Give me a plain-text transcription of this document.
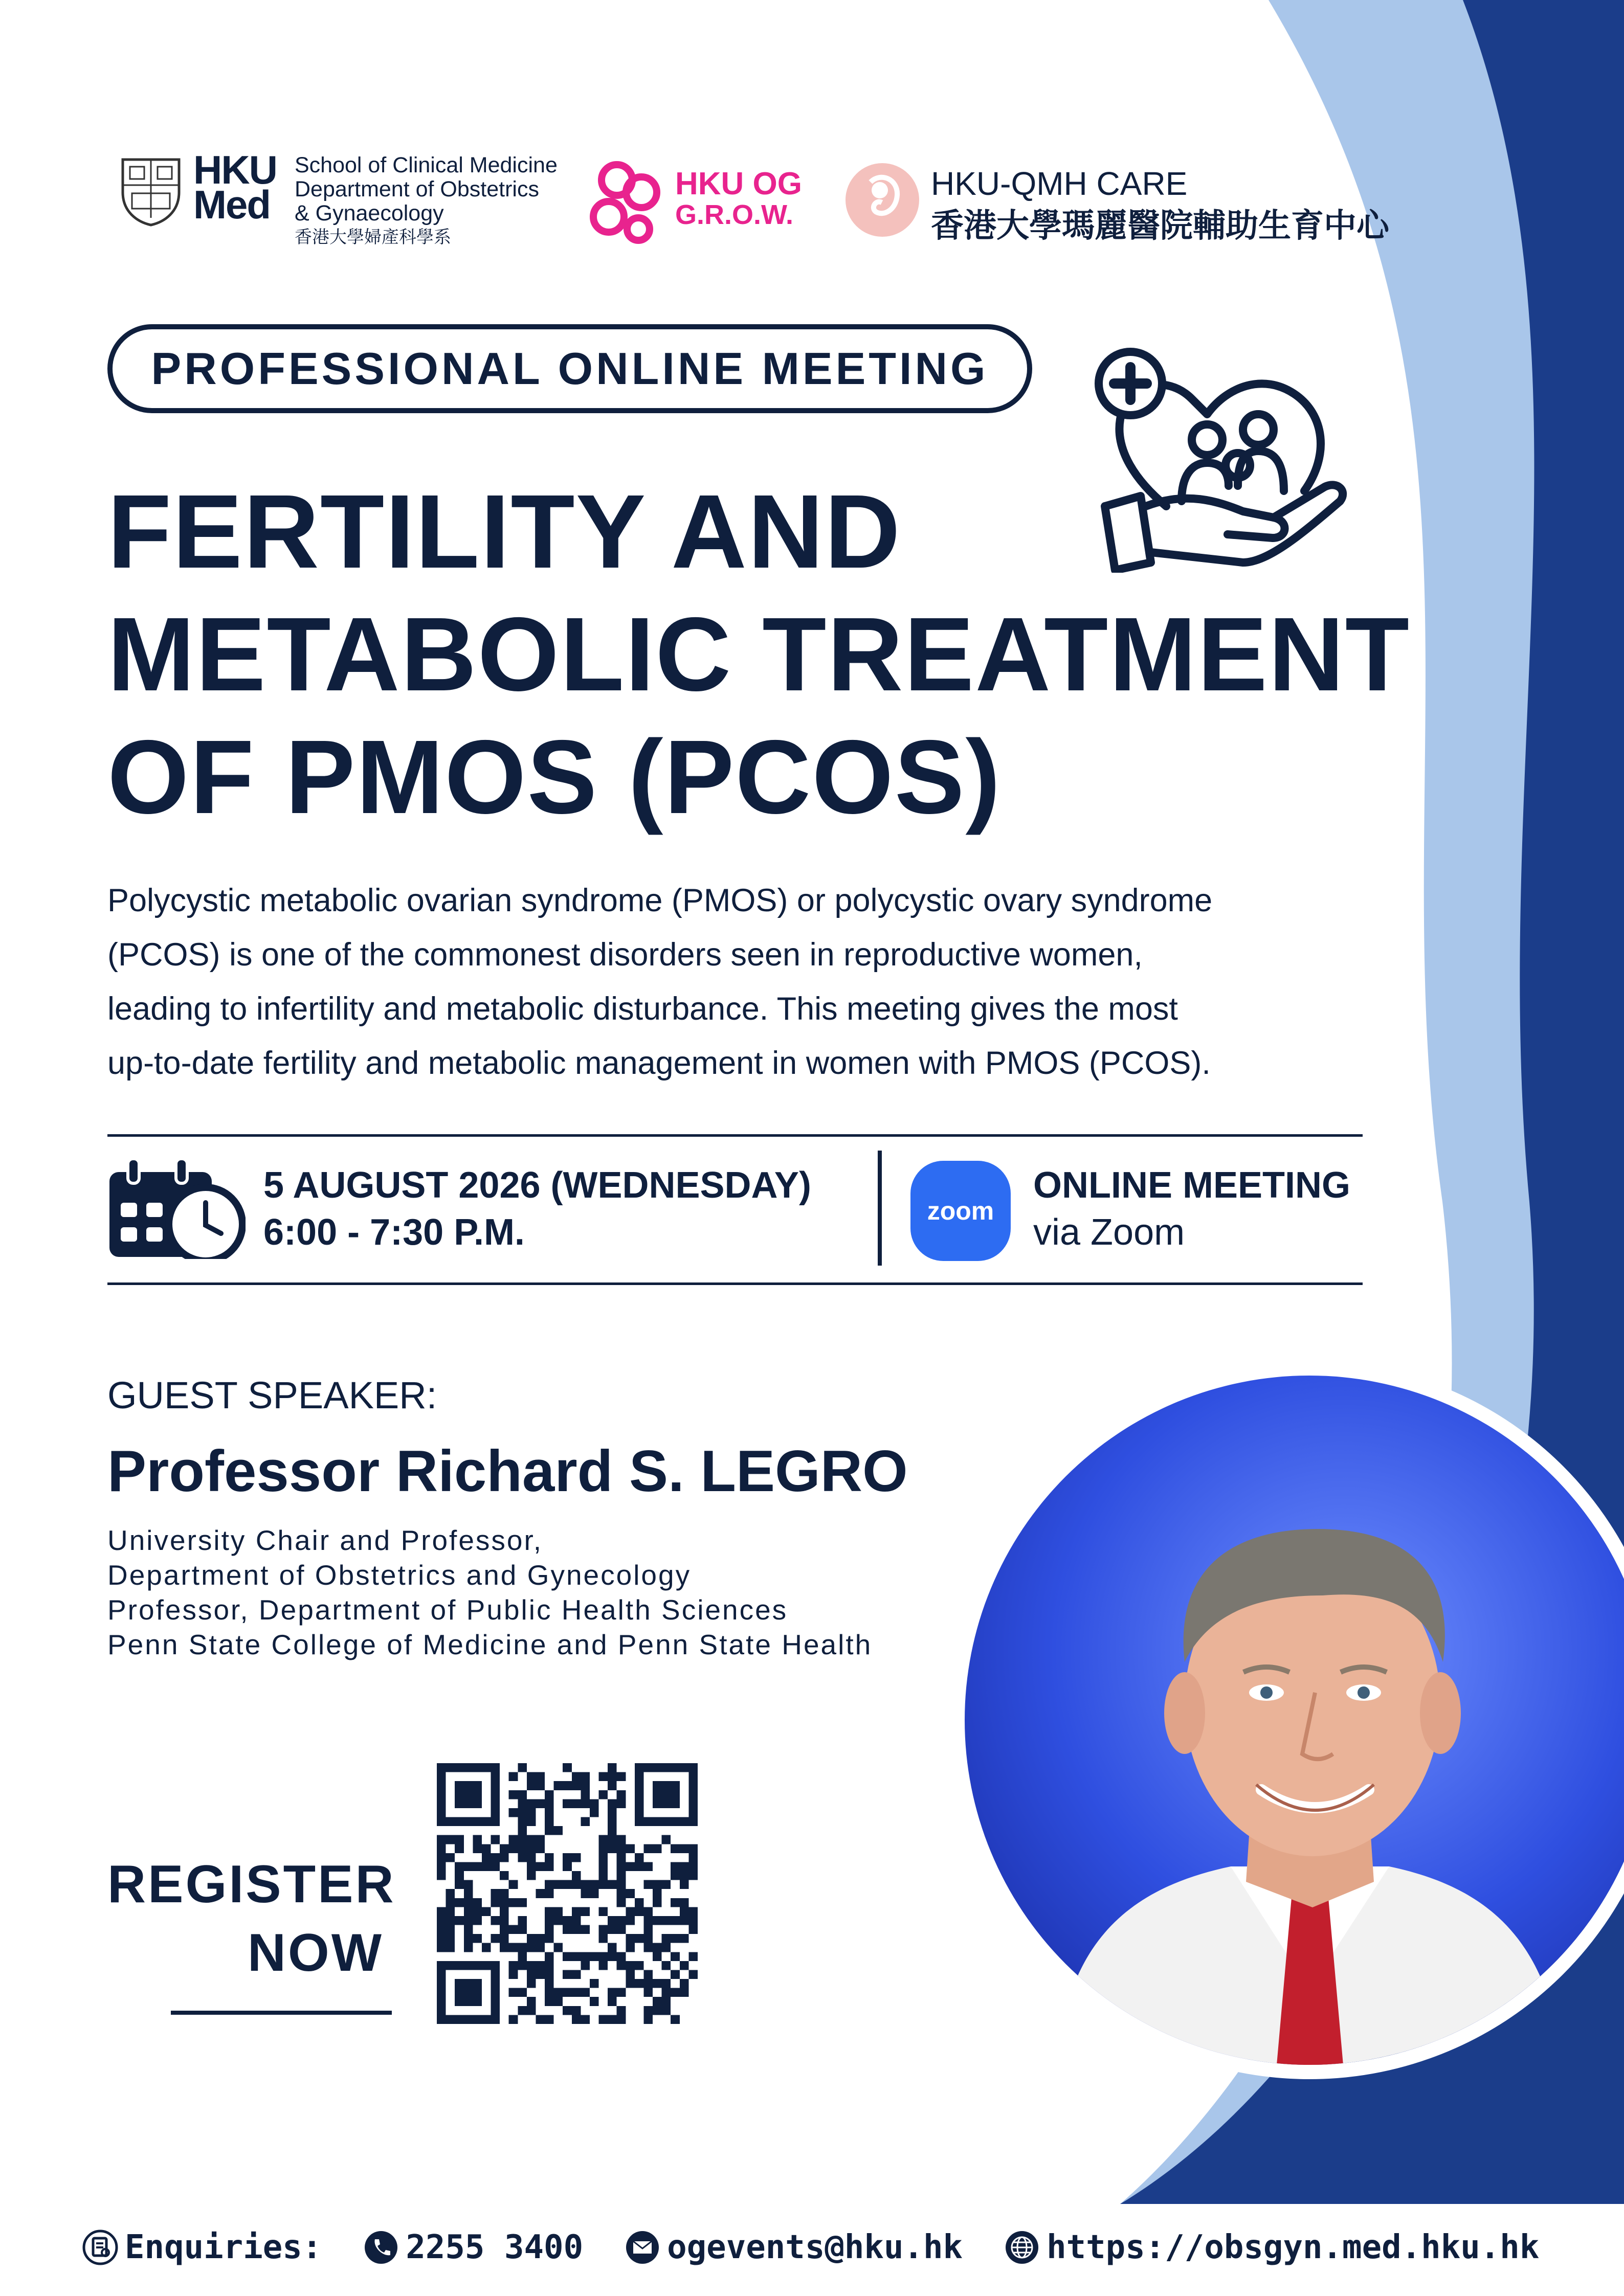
HKU
Med
School of Clinical Medicine
Department of Obstetrics
& Gynaecology
香港大學婦產科學系
HKU OG
G.R.O.W.
HKU-QMH CARE
香港大學瑪麗醫院輔助生育中心
PROFESSIONAL ONLINE MEETING
FERTILITY AND
METABOLIC TREATMENT
OF PMOS (PCOS)
Polycystic metabolic ovarian syndrome (PMOS) or polycystic ovary syndrome
(PCOS) is one of the commonest disorders seen in reproductive women,
leading to infertility and metabolic disturbance. This meeting gives the most
up-to-date fertility and metabolic management in women with PMOS (PCOS).
5 AUGUST 2026 (WEDNESDAY)
6:00 - 7:30 P.M.
zoom
ONLINE MEETING
via Zoom
GUEST SPEAKER:
Professor Richard S. LEGRO
University Chair and Professor,
Department of Obstetrics and Gynecology
Professor, Department of Public Health Sciences
Penn State College of Medicine and Penn State Health
REGISTER
NOW
Enquiries:	2255 3400	ogevents@hku.hk	https://obsgyn.med.hku.hk
